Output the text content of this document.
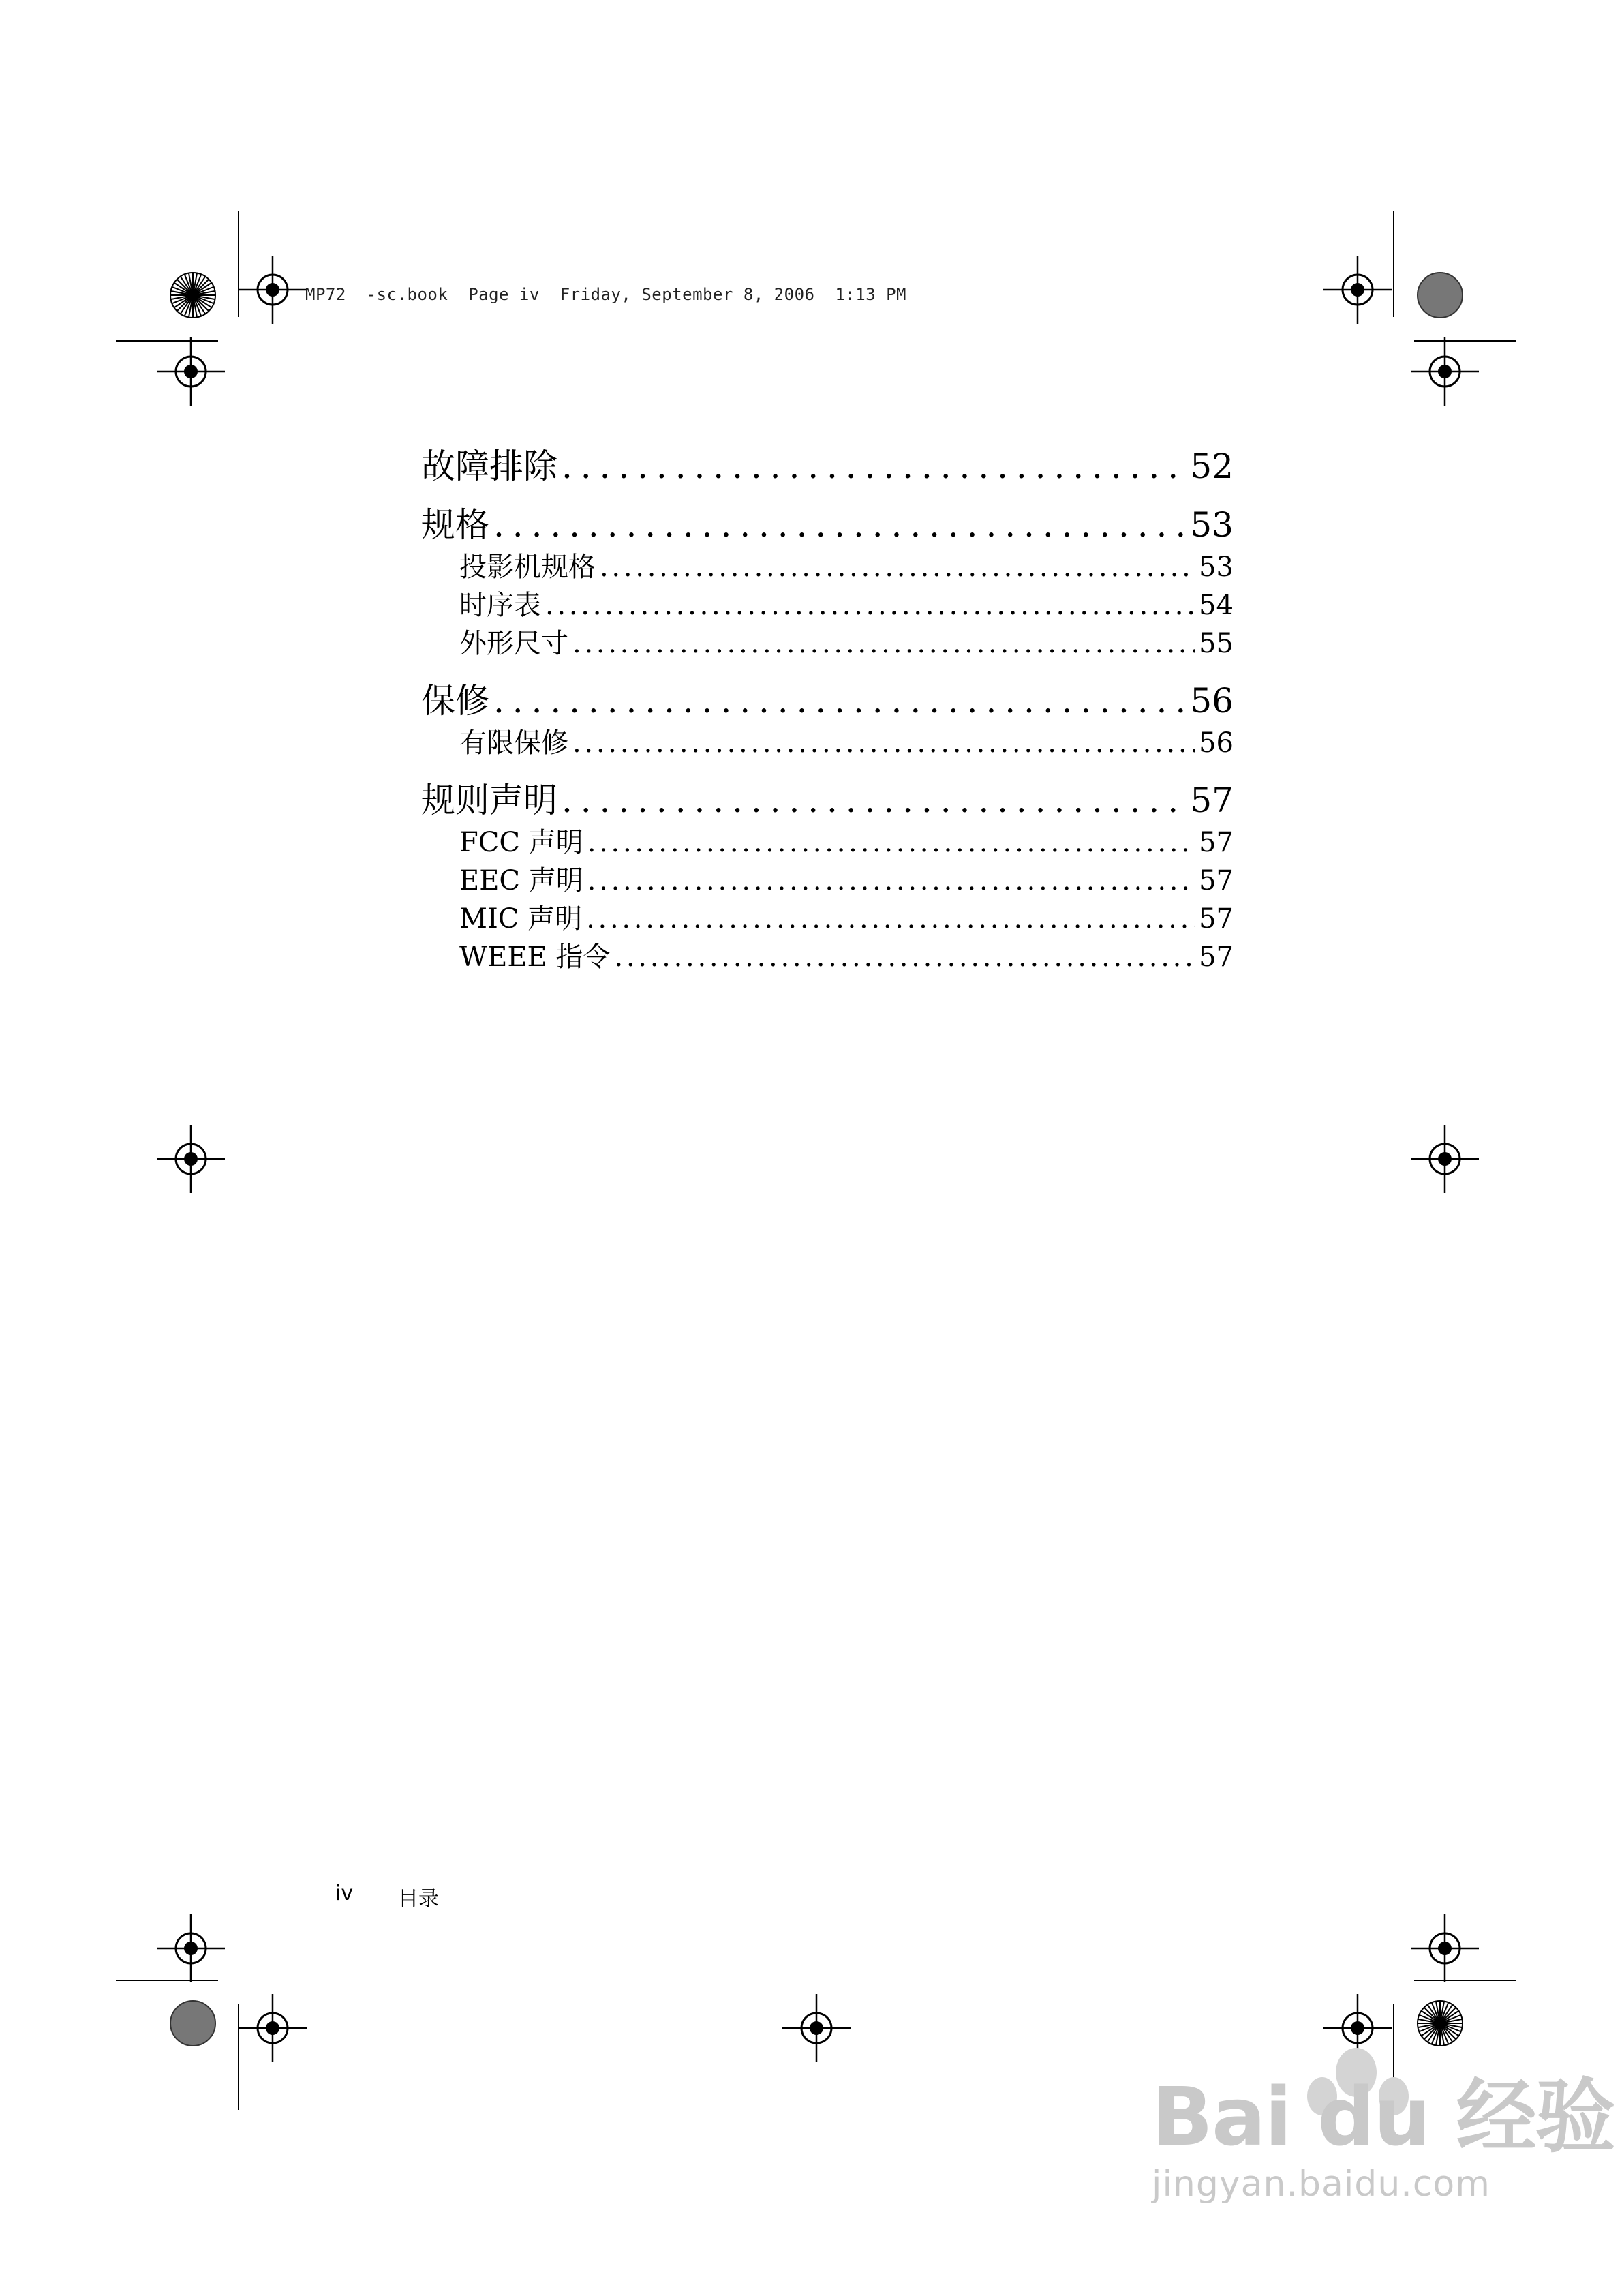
MP72  -sc.book  Page iv  Friday, September 8, 2006  1:13 PM
故障排除 . . .	52
规格 . . .	53
投影机规格 . . .	53
时序表 . . .	54
外形尺寸 . . .	55
保修 . . .	56
有限保修 . . .	56
规则声明 . . .	57
FCC 声明 . . .	57
EEC 声明 . . .	57
MIC 声明 . . .	57
WEEE 指令 . . .	57
iv 目录
Bai du 经验
jingyan.baidu.com
